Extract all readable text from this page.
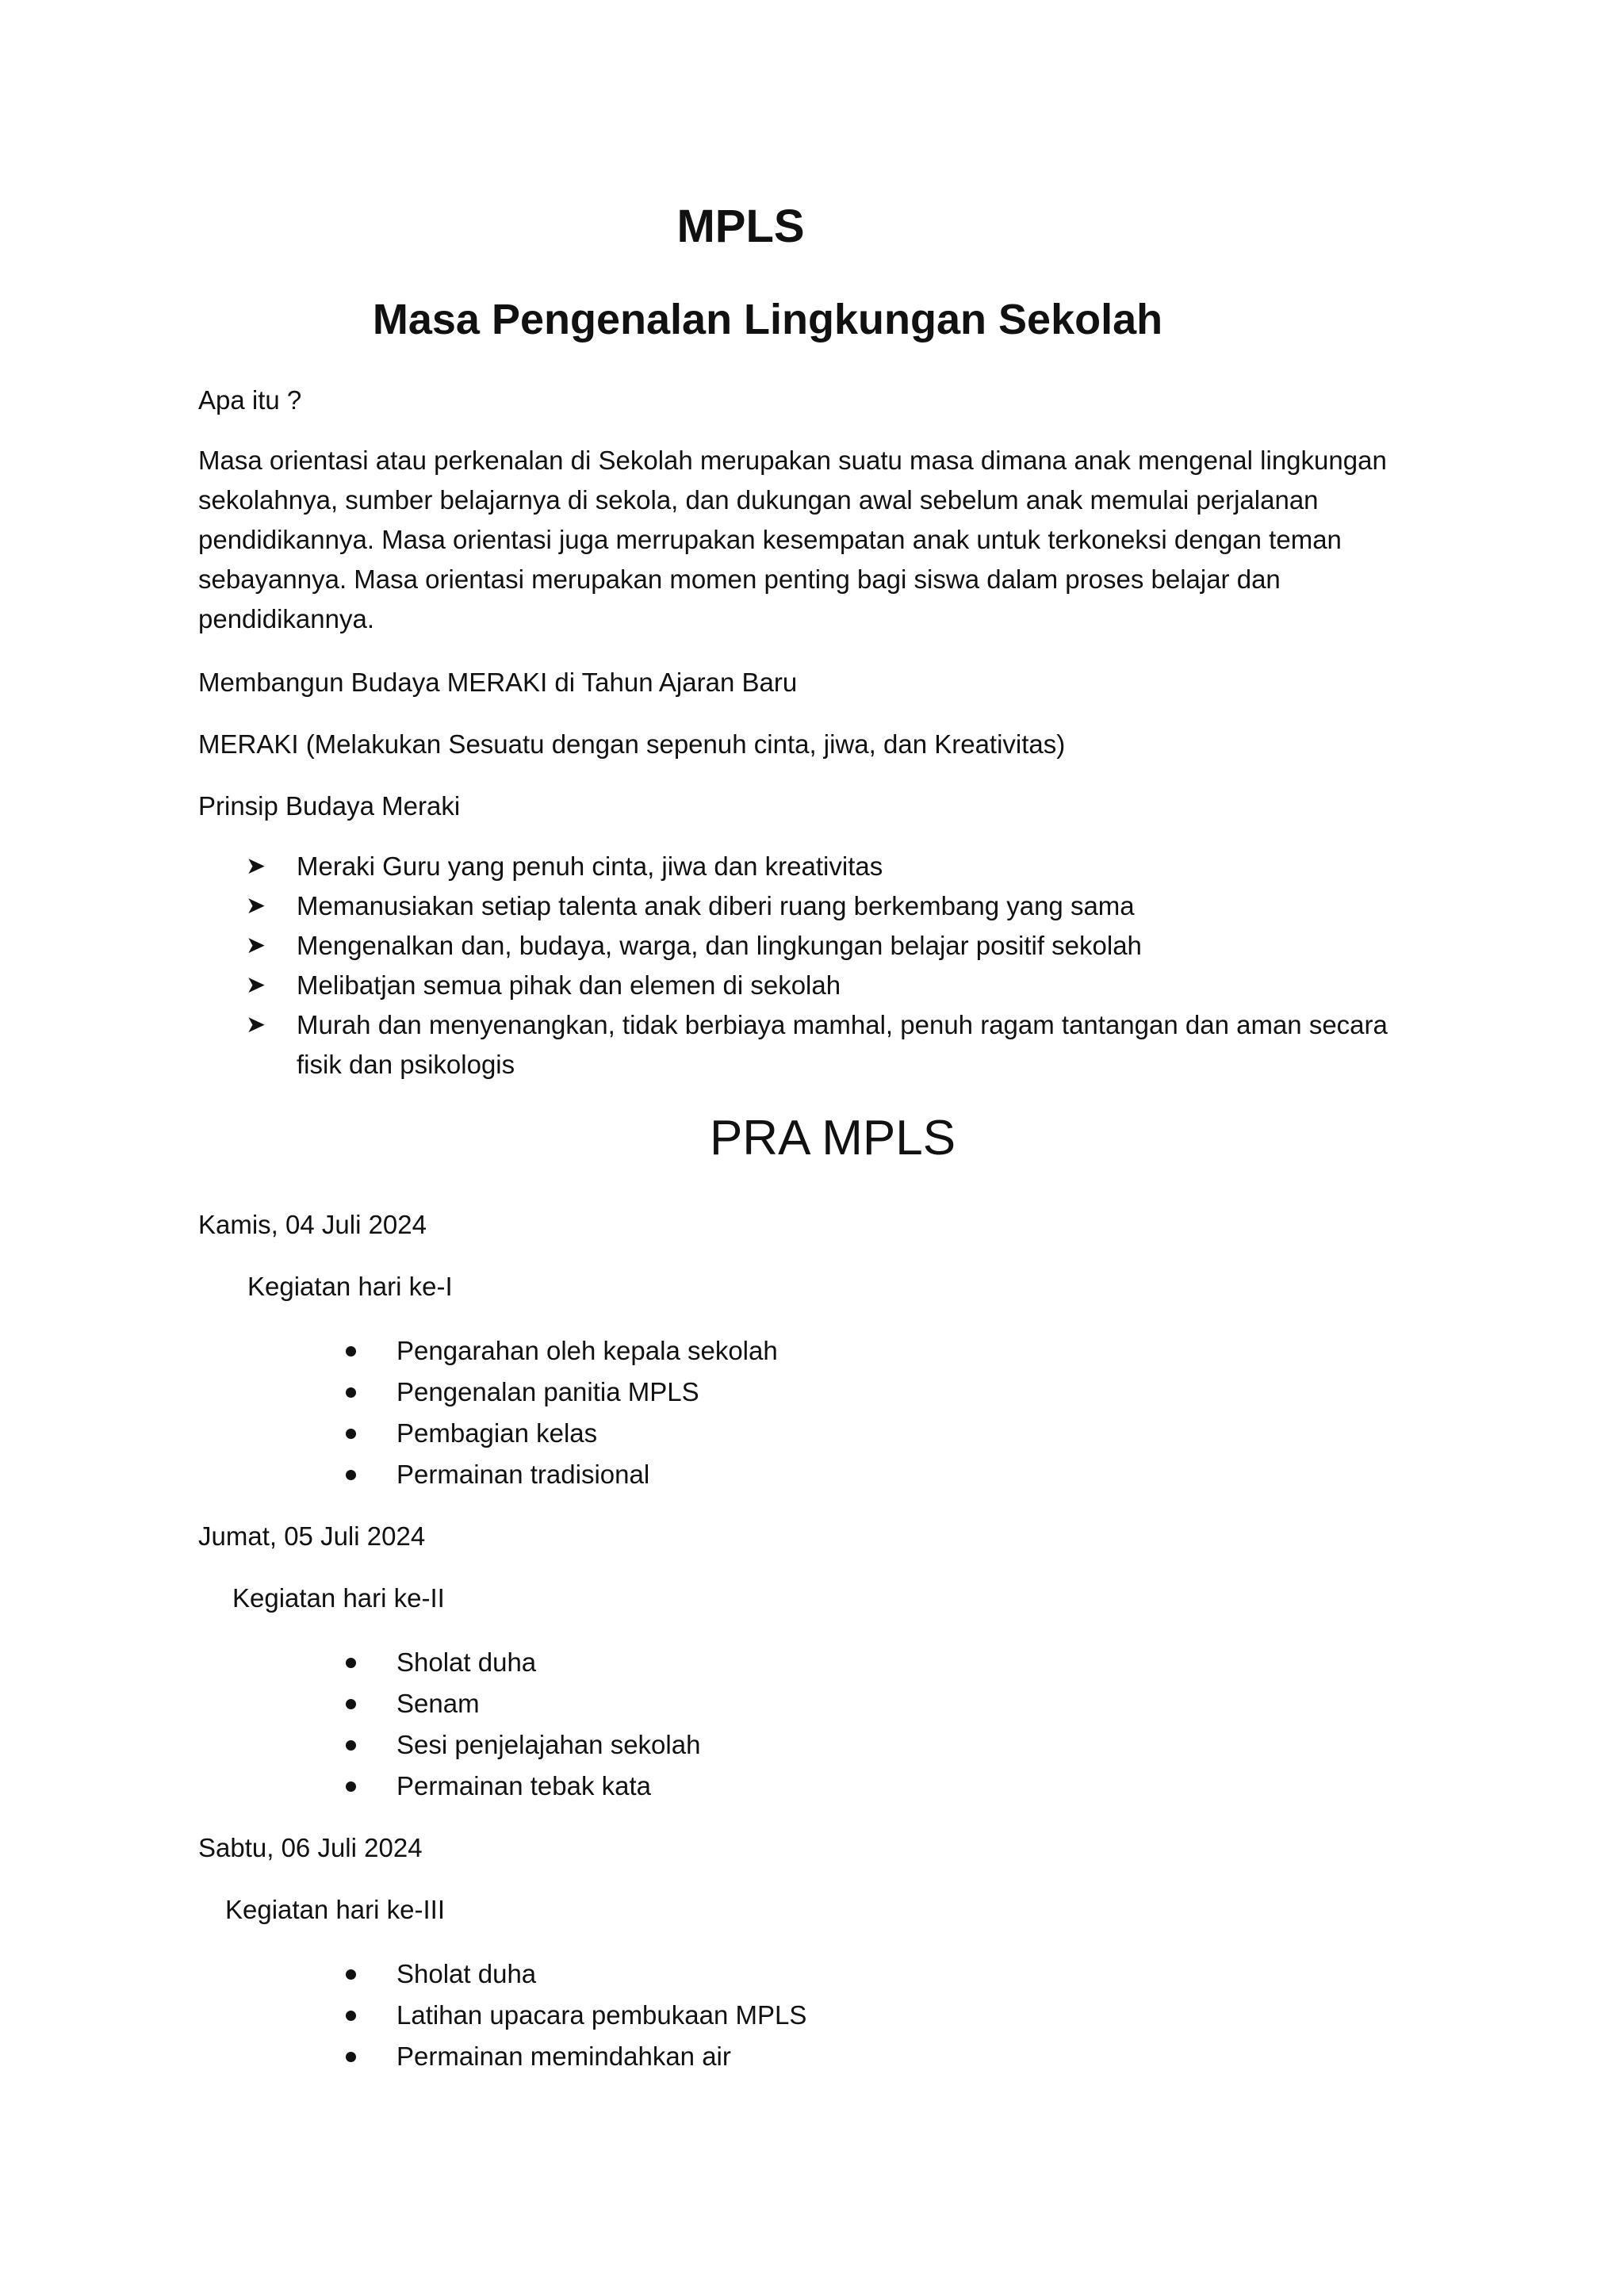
MPLS
Masa Pengenalan Lingkungan Sekolah

Apa itu ?

Masa orientasi atau perkenalan di Sekolah merupakan suatu masa dimana anak mengenal lingkungan sekolahnya, sumber belajarnya di sekola, dan dukungan awal sebelum anak memulai perjalanan pendidikannya. Masa orientasi juga merrupakan kesempatan anak untuk terkoneksi dengan teman sebayannya. Masa orientasi merupakan momen penting bagi siswa dalam proses belajar dan pendidikannya.

Membangun Budaya MERAKI di Tahun Ajaran Baru

MERAKI (Melakukan Sesuatu dengan sepenuh cinta, jiwa, dan Kreativitas)

Prinsip Budaya Meraki

➤ Meraki Guru yang penuh cinta, jiwa dan kreativitas
➤ Memanusiakan setiap talenta anak diberi ruang berkembang yang sama
➤ Mengenalkan dan, budaya, warga, dan lingkungan belajar positif sekolah
➤ Melibatjan semua pihak dan elemen di sekolah
➤ Murah dan menyenangkan, tidak berbiaya mamhal, penuh ragam tantangan dan aman secara fisik dan psikologis
PRA MPLS

Kamis, 04 Juli 2024

Kegiatan hari ke-I

Pengarahan oleh kepala sekolah
Pengenalan panitia MPLS
Pembagian kelas
Permainan tradisional

Jumat, 05 Juli 2024

Kegiatan hari ke-II

Sholat duha
Senam
Sesi penjelajahan sekolah
Permainan tebak kata

Sabtu, 06 Juli 2024

Kegiatan hari ke-III

Sholat duha
Latihan upacara pembukaan MPLS
Permainan memindahkan air
